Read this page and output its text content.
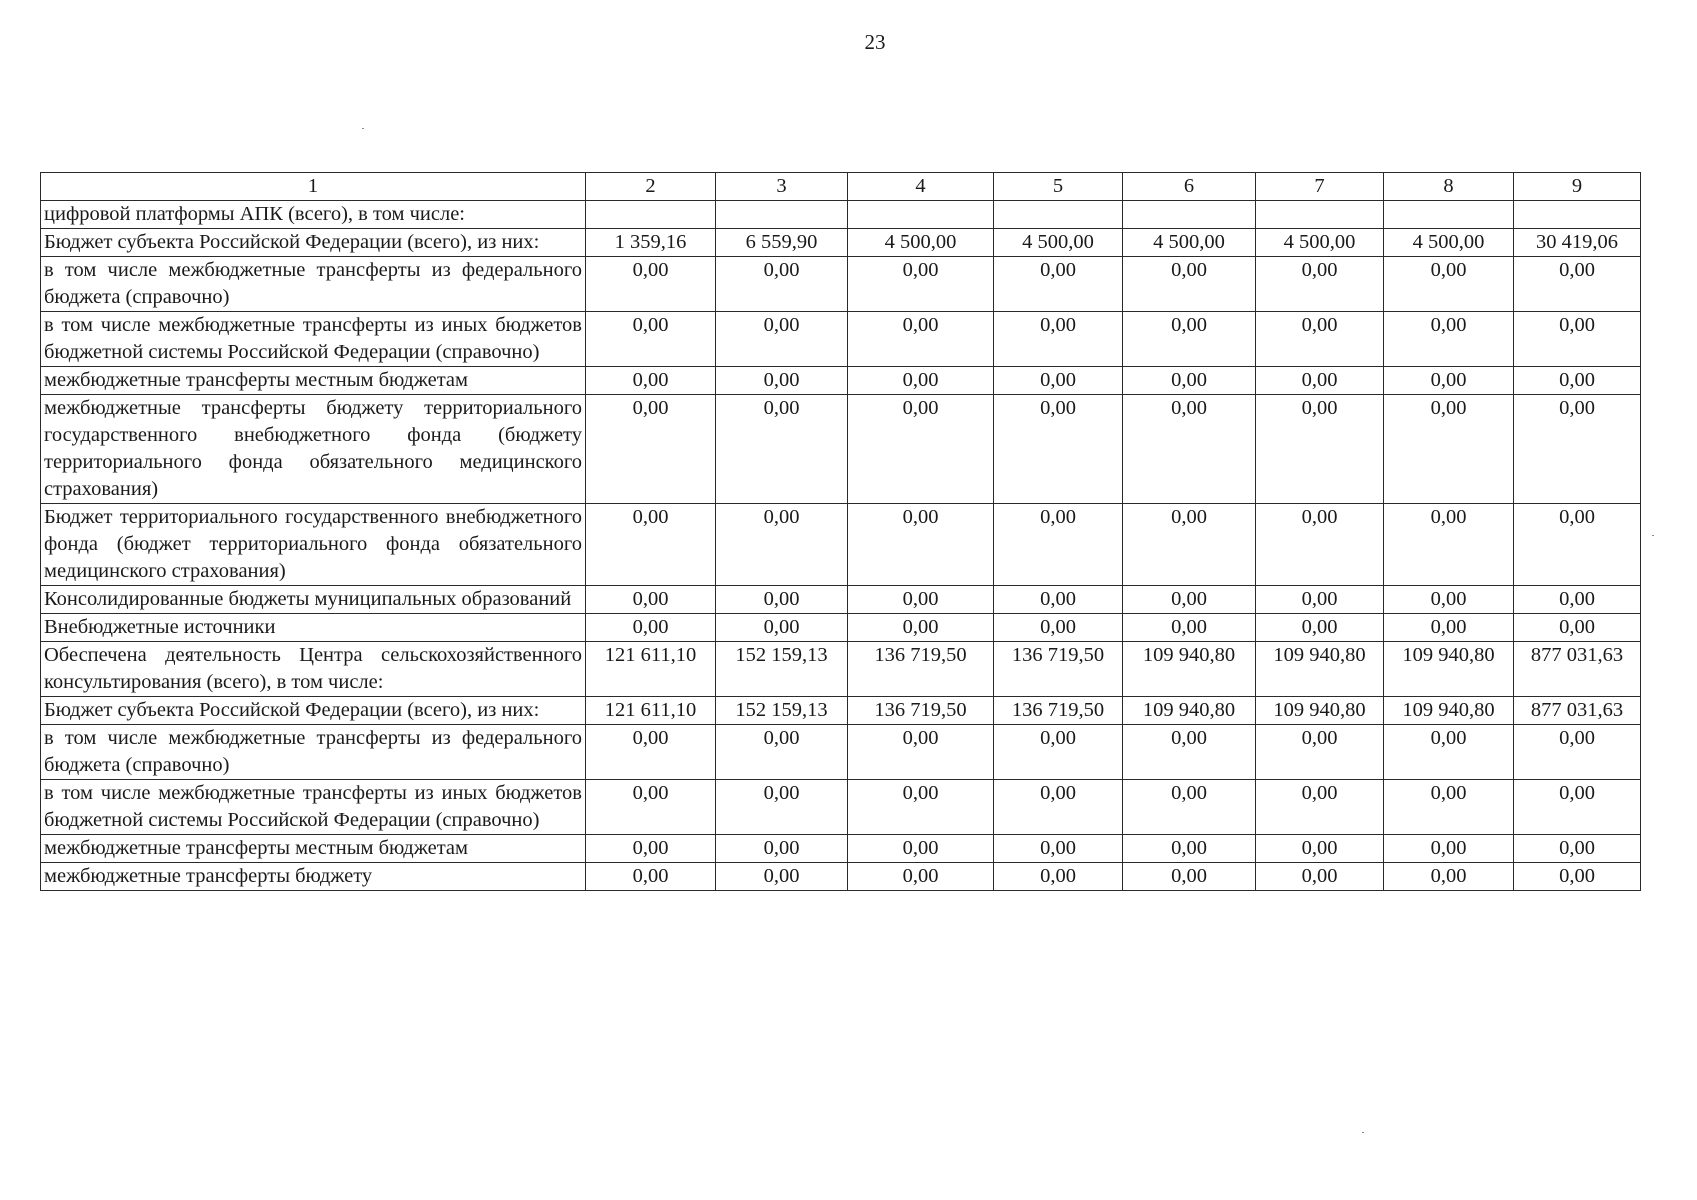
23
1	2	3	4	5	6	7	8	9
цифровой платформы АПК (всего), в том числе:								
Бюджет субъекта Российской Федерации (всего), из них:	1 359,16	6 559,90	4 500,00	4 500,00	4 500,00	4 500,00	4 500,00	30 419,06
в том числе межбюджетные трансферты из федерального бюджета (справочно)	0,00	0,00	0,00	0,00	0,00	0,00	0,00	0,00
в том числе межбюджетные трансферты из иных бюджетов бюджетной системы Российской Федерации (справочно)	0,00	0,00	0,00	0,00	0,00	0,00	0,00	0,00
межбюджетные трансферты местным бюджетам	0,00	0,00	0,00	0,00	0,00	0,00	0,00	0,00
межбюджетные трансферты бюджету территориального государственного внебюджетного фонда (бюджету территориального фонда обязательного медицинского страхования)	0,00	0,00	0,00	0,00	0,00	0,00	0,00	0,00
Бюджет территориального государственного внебюджетного фонда (бюджет территориального фонда обязательного медицинского страхования)	0,00	0,00	0,00	0,00	0,00	0,00	0,00	0,00
Консолидированные бюджеты муниципальных образований	0,00	0,00	0,00	0,00	0,00	0,00	0,00	0,00
Внебюджетные источники	0,00	0,00	0,00	0,00	0,00	0,00	0,00	0,00
Обеспечена деятельность Центра сельскохозяйственного консультирования (всего), в том числе:	121 611,10	152 159,13	136 719,50	136 719,50	109 940,80	109 940,80	109 940,80	877 031,63
Бюджет субъекта Российской Федерации (всего), из них:	121 611,10	152 159,13	136 719,50	136 719,50	109 940,80	109 940,80	109 940,80	877 031,63
в том числе межбюджетные трансферты из федерального бюджета (справочно)	0,00	0,00	0,00	0,00	0,00	0,00	0,00	0,00
в том числе межбюджетные трансферты из иных бюджетов бюджетной системы Российской Федерации (справочно)	0,00	0,00	0,00	0,00	0,00	0,00	0,00	0,00
межбюджетные трансферты местным бюджетам	0,00	0,00	0,00	0,00	0,00	0,00	0,00	0,00
межбюджетные трансферты бюджету	0,00	0,00	0,00	0,00	0,00	0,00	0,00	0,00
